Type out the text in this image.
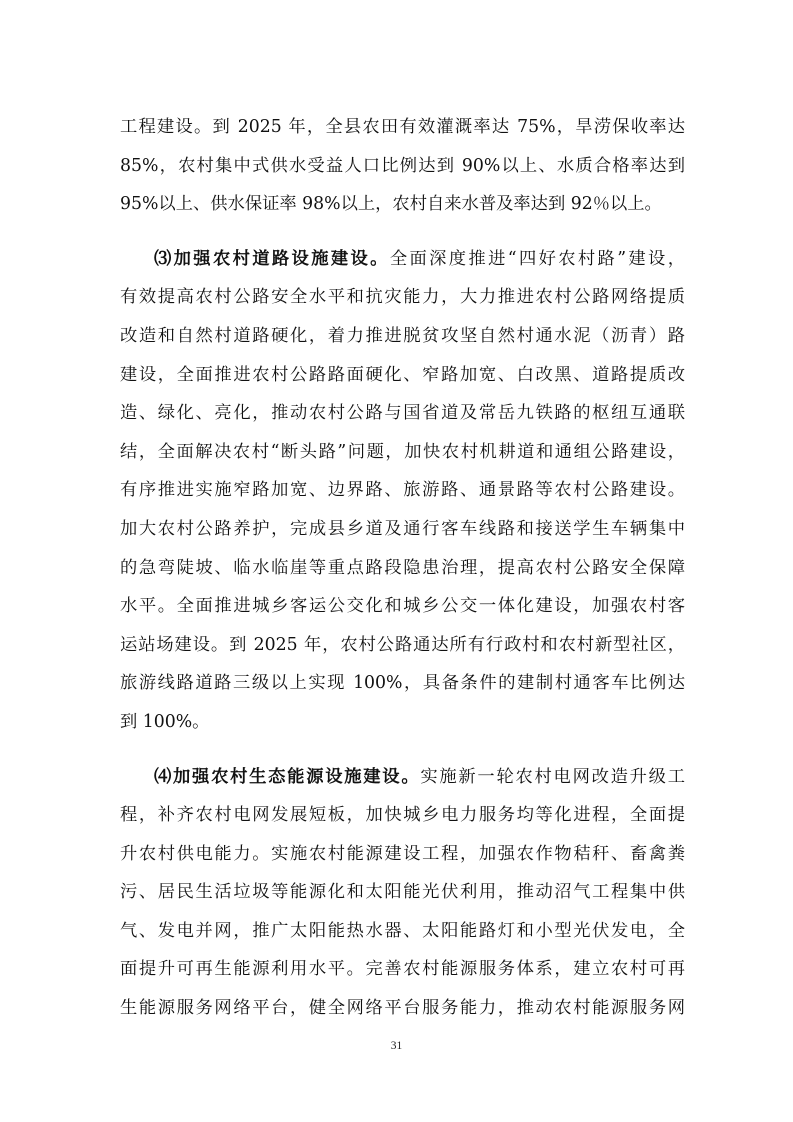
工程建设。到 2025 年，全县农田有效灌溉率达 75%，旱涝保收率达
85%，农村集中式供水受益人口比例达到 90%以上、水质合格率达到
95%以上、供水保证率 98%以上，农村自来水普及率达到 92％以上。
⑶加强农村道路设施建设。全面深度推进“四好农村路”建设，
有效提高农村公路安全水平和抗灾能力，大力推进农村公路网络提质
改造和自然村道路硬化，着力推进脱贫攻坚自然村通水泥（沥青）路
建设，全面推进农村公路路面硬化、窄路加宽、白改黑、道路提质改
造、绿化、亮化，推动农村公路与国省道及常岳九铁路的枢纽互通联
结，全面解决农村“断头路”问题，加快农村机耕道和通组公路建设，
有序推进实施窄路加宽、边界路、旅游路、通景路等农村公路建设。
加大农村公路养护，完成县乡道及通行客车线路和接送学生车辆集中
的急弯陡坡、临水临崖等重点路段隐患治理，提高农村公路安全保障
水平。全面推进城乡客运公交化和城乡公交一体化建设，加强农村客
运站场建设。到 2025 年，农村公路通达所有行政村和农村新型社区，
旅游线路道路三级以上实现 100%，具备条件的建制村通客车比例达
到 100%。
⑷加强农村生态能源设施建设。实施新一轮农村电网改造升级工
程，补齐农村电网发展短板，加快城乡电力服务均等化进程，全面提
升农村供电能力。实施农村能源建设工程，加强农作物秸秆、畜禽粪
污、居民生活垃圾等能源化和太阳能光伏利用，推动沼气工程集中供
气、发电并网，推广太阳能热水器、太阳能路灯和小型光伏发电，全
面提升可再生能源利用水平。完善农村能源服务体系，建立农村可再
生能源服务网络平台，健全网络平台服务能力，推动农村能源服务网
31
